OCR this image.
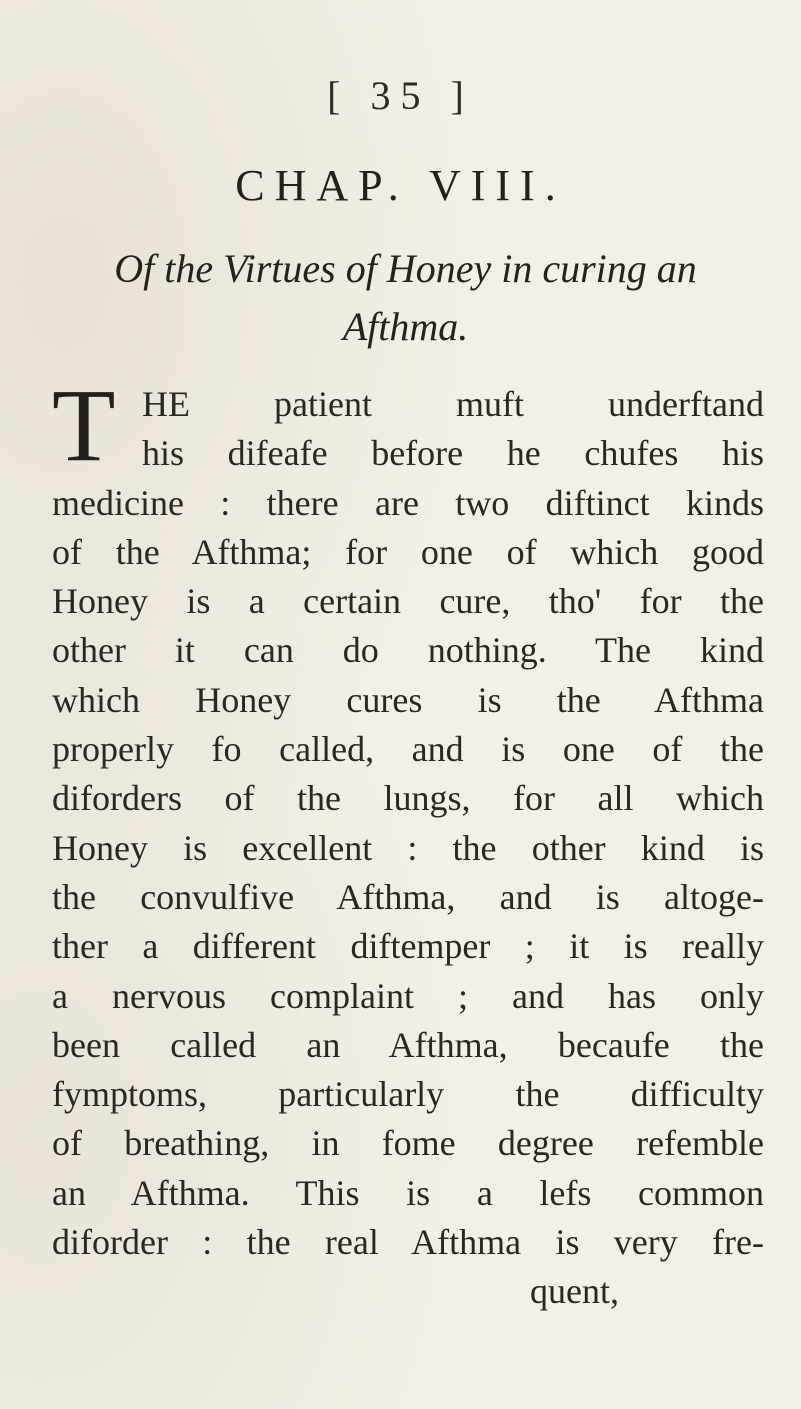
[ 35 ]
CHAP. VIII.
Of the Virtues of Honey in curing an
Afthma.
T HE patient muft underftand
his difeafe before he chufes his
medicine : there are two diftinct kinds
of the Afthma; for one of which good
Honey is a certain cure, tho' for the
other it can do nothing. The kind
which Honey cures is the Afthma
properly fo called, and is one of the
diforders of the lungs, for all which
Honey is excellent : the other kind is
the convulfive Afthma, and is altoge-
ther a different diftemper ; it is really
a nervous complaint ; and has only
been called an Afthma, becaufe the
fymptoms, particularly the difficulty
of breathing, in fome degree refemble
an Afthma. This is a lefs common
diforder : the real Afthma is very fre-
quent,
